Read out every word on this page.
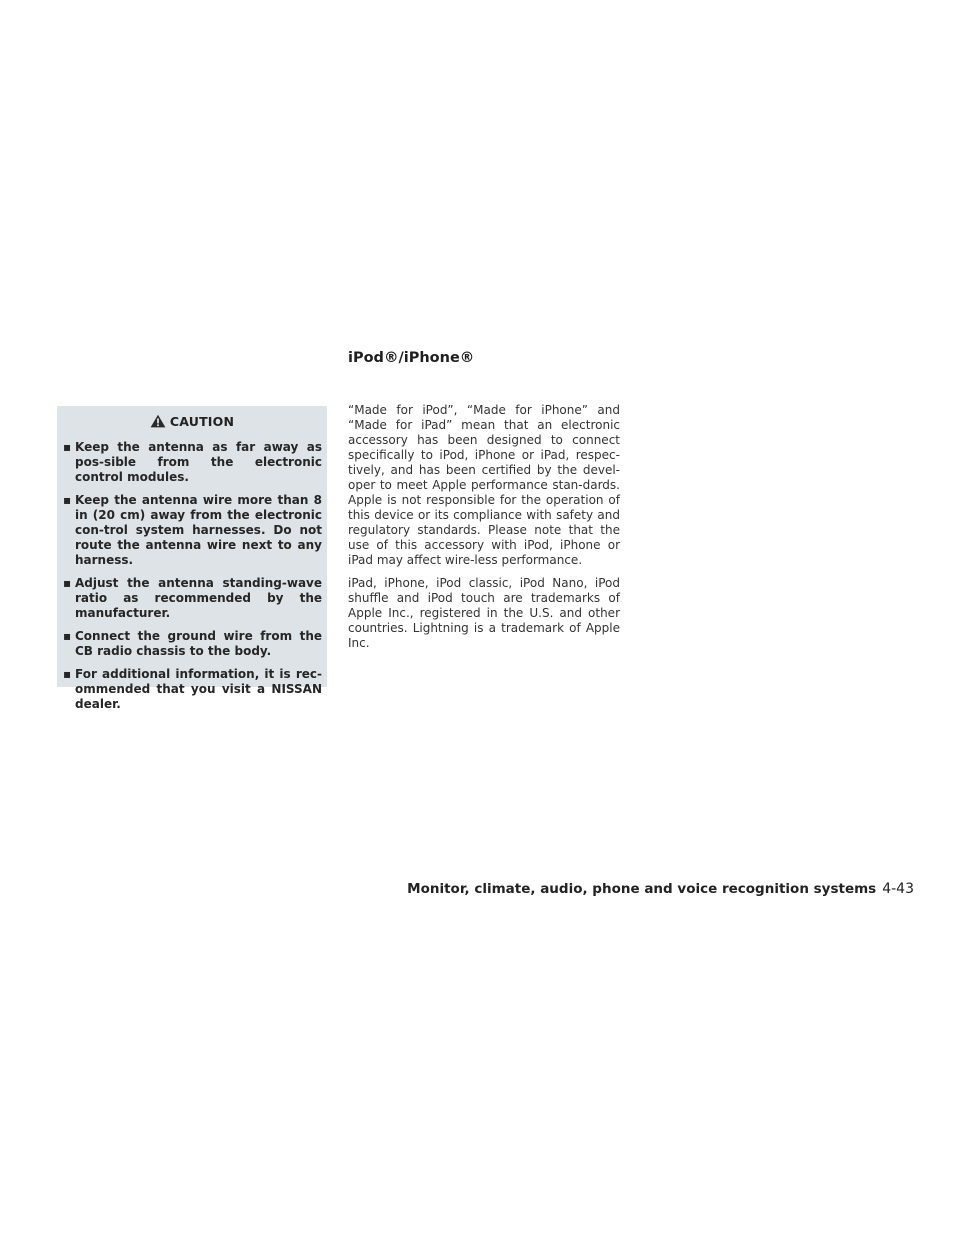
CAUTION
▪ Keep the antenna as far away as pos-sible from the electronic control modules.
▪ Keep the antenna wire more than 8 in (20 cm) away from the electronic con-trol system harnesses. Do not route the antenna wire next to any harness.
▪ Adjust the antenna standing-wave ratio as recommended by the manufacturer.
▪ Connect the ground wire from the CB radio chassis to the body.
▪ For additional information, it is rec-ommended that you visit a NISSAN dealer.
iPod®/iPhone®

“Made for iPod”, “Made for iPhone” and “Made for iPad” mean that an electronic accessory has been designed to connect specifically to iPod, iPhone or iPad, respec-tively, and has been certified by the devel-oper to meet Apple performance stan-dards. Apple is not responsible for the operation of this device or its compliance with safety and regulatory standards. Please note that the use of this accessory with iPod, iPhone or iPad may affect wire-less performance.

iPad, iPhone, iPod classic, iPod Nano, iPod shuffle and iPod touch are trademarks of Apple Inc., registered in the U.S. and other countries. Lightning is a trademark of Apple Inc.

Monitor, climate, audio, phone and voice recognition systems 4-43
